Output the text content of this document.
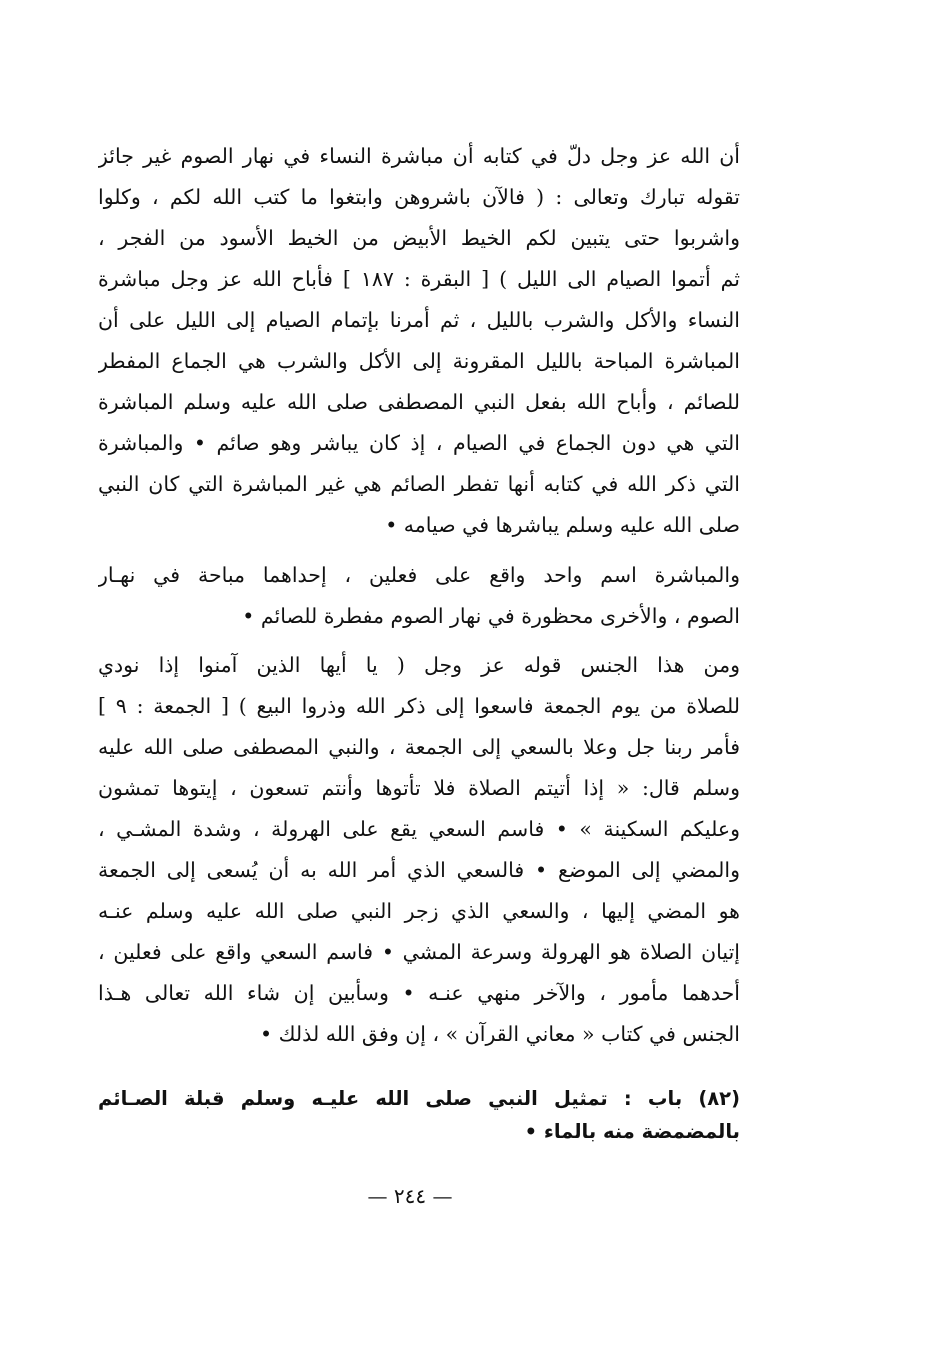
أن الله عز وجل دلّ في كتابه أن مباشرة النساء في نهار الصوم غير جائز
تقوله تبارك وتعالى : ( فالآن باشروهن وابتغوا ما كتب الله لكم ، وكلوا
واشربوا حتى يتبين لكم الخيط الأبيض من الخيط الأسود من الفجر ،
ثم أتموا الصيام الى الليل ) [ البقرة : ١٨٧ ] فأباح الله عز وجل مباشرة
النساء والأكل والشرب بالليل ، ثم أمرنا بإتمام الصيام إلى الليل على أن
المباشرة المباحة بالليل المقرونة إلى الأكل والشرب هي الجماع المفطر
للصائم ، وأباح الله بفعل النبي المصطفى صلى الله عليه وسلم المباشرة
التي هي دون الجماع في الصيام ، إذ كان يباشر وهو صائم • والمباشرة
التي ذكر الله في كتابه أنها تفطر الصائم هي غير المباشرة التي كان النبي
صلى الله عليه وسلم يباشرها في صيامه •
والمباشرة اسم واحد واقع على فعلين ، إحداهما مباحة في نهـار
الصوم ، والأخرى محظورة في نهار الصوم مفطرة للصائم •
ومن هذا الجنس قوله عز وجل ( يا أيها الذين آمنوا إذا نودي
للصلاة من يوم الجمعة فاسعوا إلى ذكر الله وذروا البيع ) [ الجمعة : ٩ ]
فأمر ربنا جل وعلا بالسعي إلى الجمعة ، والنبي المصطفى صلى الله عليه
وسلم قال: « إذا أتيتم الصلاة فلا تأتوها وأنتم تسعون ، إيتوها تمشون
وعليكم السكينة » • فاسم السعي يقع على الهرولة ، وشدة المشـي ،
والمضي إلى الموضع • فالسعي الذي أمر الله به أن يُسعى إلى الجمعة
هو المضي إليها ، والسعي الذي زجر النبي صلى الله عليه وسلم عنـه
إتيان الصلاة هو الهرولة وسرعة المشي • فاسم السعي واقع على فعلين ،
أحدهما مأمور ، والآخر منهي عنـه • وسأبين إن شاء الله تعالى هـذا
الجنس في كتاب « معاني القرآن » ، إن وفق الله لذلك •
(٨٢) باب : تمثيل النبي صلى الله عليـه وسلم قبلة الصـائم
بالمضمضة منه بالماء •
— ٢٤٤ —
